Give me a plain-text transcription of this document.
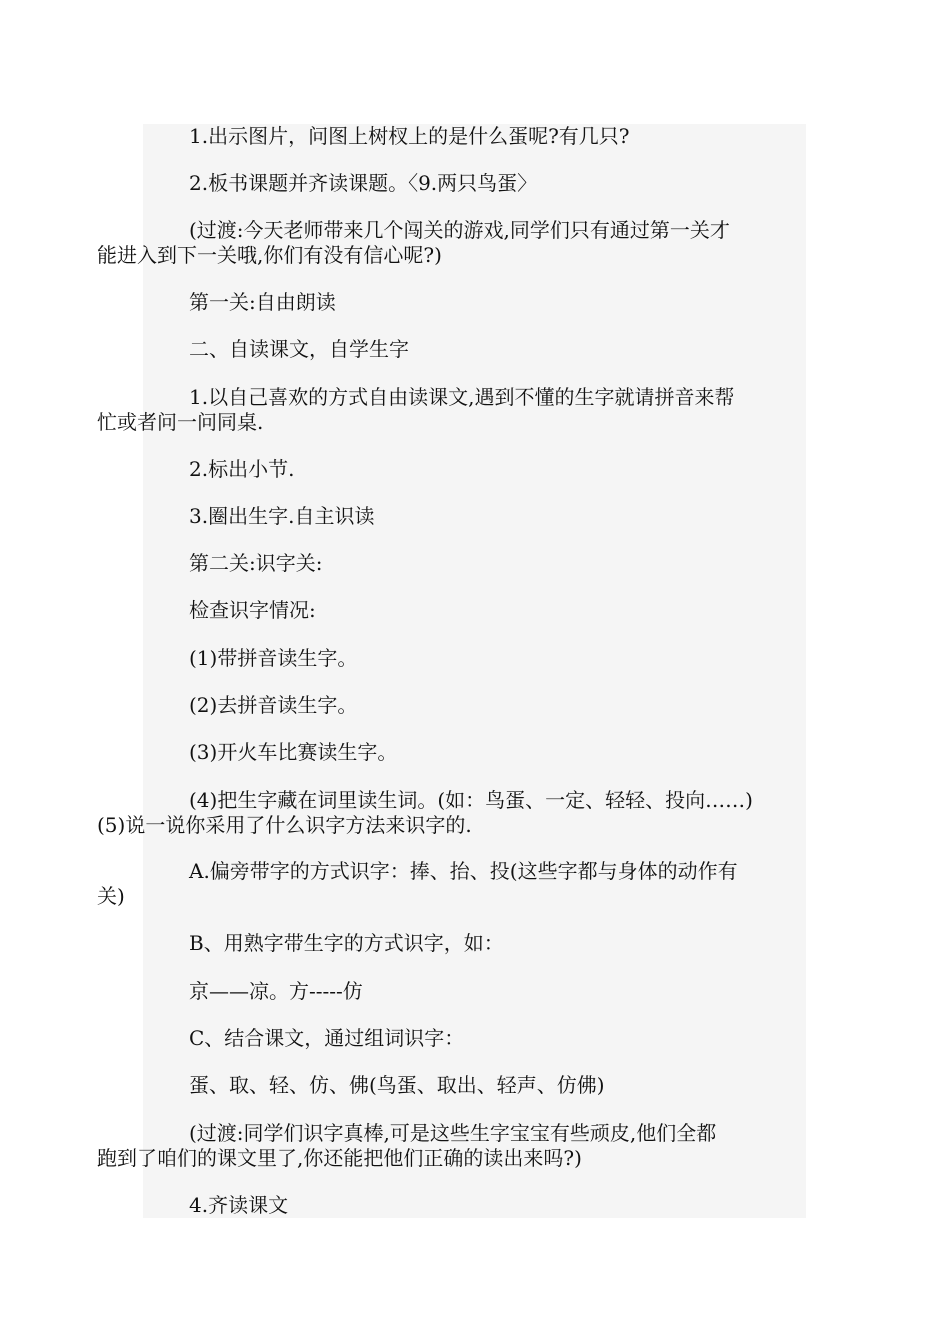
1.出示图片，问图上树杈上的是什么蛋呢?有几只?
2.板书课题并齐读课题。〈9.两只鸟蛋〉
(过渡:今天老师带来几个闯关的游戏,同学们只有通过第一关才
能进入到下一关哦,你们有没有信心呢?)
第一关:自由朗读
二、自读课文，自学生字
1.以自己喜欢的方式自由读课文,遇到不懂的生字就请拼音来帮
忙或者问一问同桌.
2.标出小节.
3.圈出生字.自主识读
第二关:识字关:
检查识字情况:
(1)带拼音读生字。
(2)去拼音读生字。
(3)开火车比赛读生字。
(4)把生字藏在词里读生词。(如：鸟蛋、一定、轻轻、投向……)
(5)说一说你采用了什么识字方法来识字的.
A.偏旁带字的方式识字：捧、抬、投(这些字都与身体的动作有
关)
B、用熟字带生字的方式识字，如：
京——凉。方-----仿
C、结合课文，通过组词识字：
蛋、取、轻、仿、佛(鸟蛋、取出、轻声、仿佛)
(过渡:同学们识字真棒,可是这些生字宝宝有些顽皮,他们全都
跑到了咱们的课文里了,你还能把他们正确的读出来吗?)
4.齐读课文
